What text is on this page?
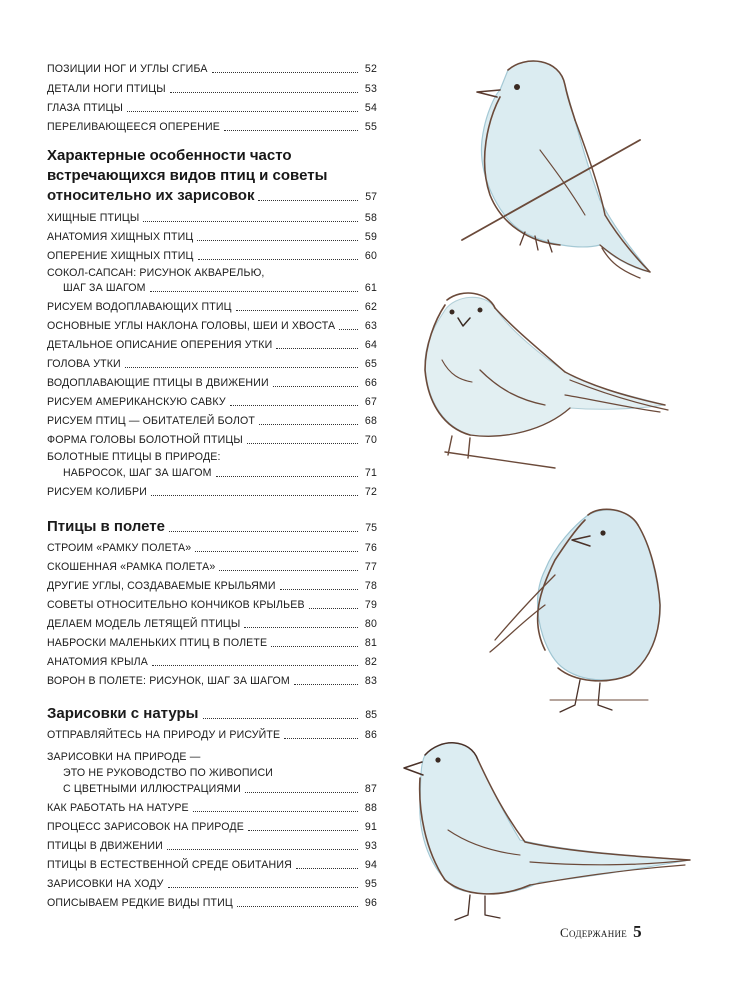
ПОЗИЦИИ НОГ И УГЛЫ СГИБА	52
ДЕТАЛИ НОГИ ПТИЦЫ	53
ГЛАЗА ПТИЦЫ	54
ПЕРЕЛИВАЮЩЕЕСЯ ОПЕРЕНИЕ	55
Характерные особенности часто
встречающихся видов птиц и советы
относительно их зарисовок	57
ХИЩНЫЕ ПТИЦЫ	58
АНАТОМИЯ ХИЩНЫХ ПТИЦ	59
ОПЕРЕНИЕ ХИЩНЫХ ПТИЦ	60
СОКОЛ-САПСАН: РИСУНОК АКВАРЕЛЬЮ,
ШАГ ЗА ШАГОМ	61
РИСУЕМ ВОДОПЛАВАЮЩИХ ПТИЦ	62
ОСНОВНЫЕ УГЛЫ НАКЛОНА ГОЛОВЫ, ШЕИ И ХВОСТА	63
ДЕТАЛЬНОЕ ОПИСАНИЕ ОПЕРЕНИЯ УТКИ	64
ГОЛОВА УТКИ	65
ВОДОПЛАВАЮЩИЕ ПТИЦЫ В ДВИЖЕНИИ	66
РИСУЕМ АМЕРИКАНСКУЮ САВКУ	67
РИСУЕМ ПТИЦ — ОБИТАТЕЛЕЙ БОЛОТ	68
ФОРМА ГОЛОВЫ БОЛОТНОЙ ПТИЦЫ	70
БОЛОТНЫЕ ПТИЦЫ В ПРИРОДЕ:
НАБРОСОК, ШАГ ЗА ШАГОМ	71
РИСУЕМ КОЛИБРИ	72
Птицы в полете	75
СТРОИМ «РАМКУ ПОЛЕТА»	76
СКОШЕННАЯ «РАМКА ПОЛЕТА»	77
ДРУГИЕ УГЛЫ, СОЗДАВАЕМЫЕ КРЫЛЬЯМИ	78
СОВЕТЫ ОТНОСИТЕЛЬНО КОНЧИКОВ КРЫЛЬЕВ	79
ДЕЛАЕМ МОДЕЛЬ ЛЕТЯЩЕЙ ПТИЦЫ	80
НАБРОСКИ МАЛЕНЬКИХ ПТИЦ В ПОЛЕТЕ	81
АНАТОМИЯ КРЫЛА	82
ВОРОН В ПОЛЕТЕ: РИСУНОК, ШАГ ЗА ШАГОМ	83
Зарисовки с натуры	85
ОТПРАВЛЯЙТЕСЬ НА ПРИРОДУ И РИСУЙТЕ	86
ЗАРИСОВКИ НА ПРИРОДЕ —
ЭТО НЕ РУКОВОДСТВО ПО ЖИВОПИСИ
С ЦВЕТНЫМИ ИЛЛЮСТРАЦИЯМИ	87
КАК РАБОТАТЬ НА НАТУРЕ	88
ПРОЦЕСС ЗАРИСОВОК НА ПРИРОДЕ	91
ПТИЦЫ В ДВИЖЕНИИ	93
ПТИЦЫ В ЕСТЕСТВЕННОЙ СРЕДЕ ОБИТАНИЯ	94
ЗАРИСОВКИ НА ХОДУ	95
ОПИСЫВАЕМ РЕДКИЕ ВИДЫ ПТИЦ	96
Содержание 5
